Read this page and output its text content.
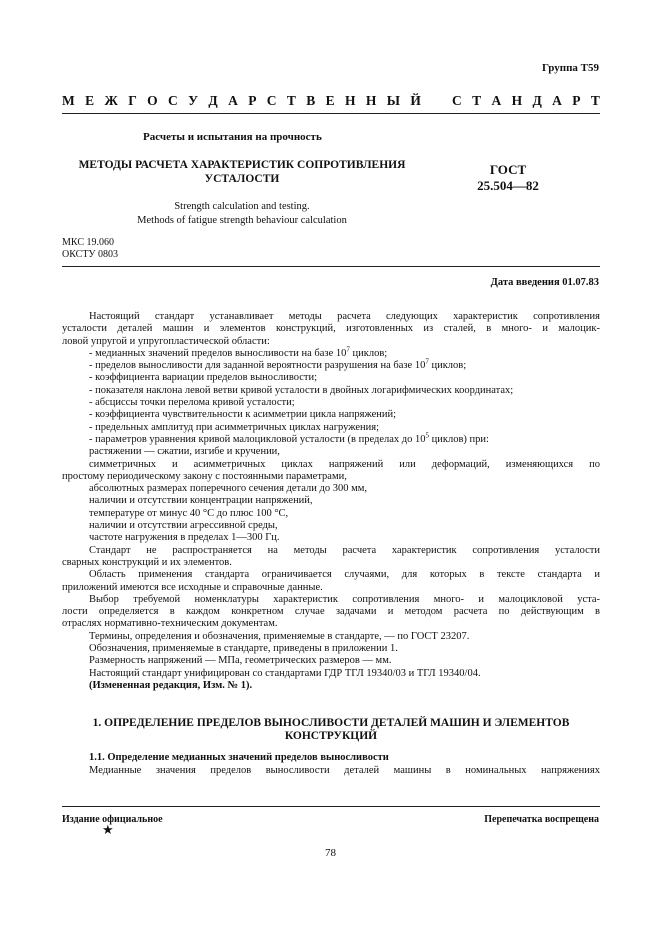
Группа Т59
М Е Ж Г О С У Д А Р С Т В Е Н Н Ы Й С Т А Н Д А Р Т
Расчеты и испытания на прочность
МЕТОДЫ РАСЧЕТА ХАРАКТЕРИСТИК СОПРОТИВЛЕНИЯ
УСТАЛОСТИ
ГОСТ
25.504—82
Strength calculation and testing.
Methods of fatigue strength behaviour calculation
МКС 19.060
ОКСТУ 0803
Дата введения 01.07.83

Настоящий стандарт устанавливает методы расчета следующих характеристик сопротивления

усталости деталей машин и элементов конструкций, изготовленных из сталей, в много- и малоцик-

ловой упругой и упругопластической области:

- медианных значений пределов выносливости на базе $10^7$ циклов;

- пределов выносливости для заданной вероятности разрушения на базе $10^7$ циклов;

- коэффициента вариации пределов выносливости;

- показателя наклона левой ветви кривой усталости в двойных логарифмических координатах;

- абсциссы точки перелома кривой усталости;

- коэффициента чувствительности к асимметрии цикла напряжений;

- предельных амплитуд при асимметричных циклах нагружения;

- параметров уравнения кривой малоцикловой усталости (в пределах до $10^5$ циклов) при:

растяжении — сжатии, изгибе и кручении,

симметричных и асимметричных циклах напряжений или деформаций, изменяющихся по

простому периодическому закону с постоянными параметрами,

абсолютных размерах поперечного сечения детали до 300 мм,

наличии и отсутствии концентрации напряжений,

температуре от минус 40 °С до плюс 100 °С,

наличии и отсутствии агрессивной среды,

частоте нагружения в пределах 1—300 Гц.

Стандарт не распространяется на методы расчета характеристик сопротивления усталости

сварных конструкций и их элементов.

Область применения стандарта ограничивается случаями, для которых в тексте стандарта и

приложений имеются все исходные и справочные данные.

Выбор требуемой номенклатуры характеристик сопротивления много- и малоцикловой уста-

лости определяется в каждом конкретном случае задачами и методом расчета по действующим в

отраслях нормативно-техническим документам.

Термины, определения и обозначения, применяемые в стандарте, — по ГОСТ 23207.

Обозначения, применяемые в стандарте, приведены в приложении 1.

Размерность напряжений — МПа, геометрических размеров — мм.

Настоящий стандарт унифицирован со стандартами ГДР ТГЛ 19340/03 и ТГЛ 19340/04.

(Измененная редакция, Изм. № 1).

1. ОПРЕДЕЛЕНИЕ ПРЕДЕЛОВ ВЫНОСЛИВОСТИ ДЕТАЛЕЙ МАШИН И ЭЛЕМЕНТОВ
КОНСТРУКЦИЙ
1.1. Определение медианных значений пределов выносливости
Медианные значения пределов выносливости деталей машины в номинальных напряжениях
Издание официальное
★
Перепечатка воспрещена
78
